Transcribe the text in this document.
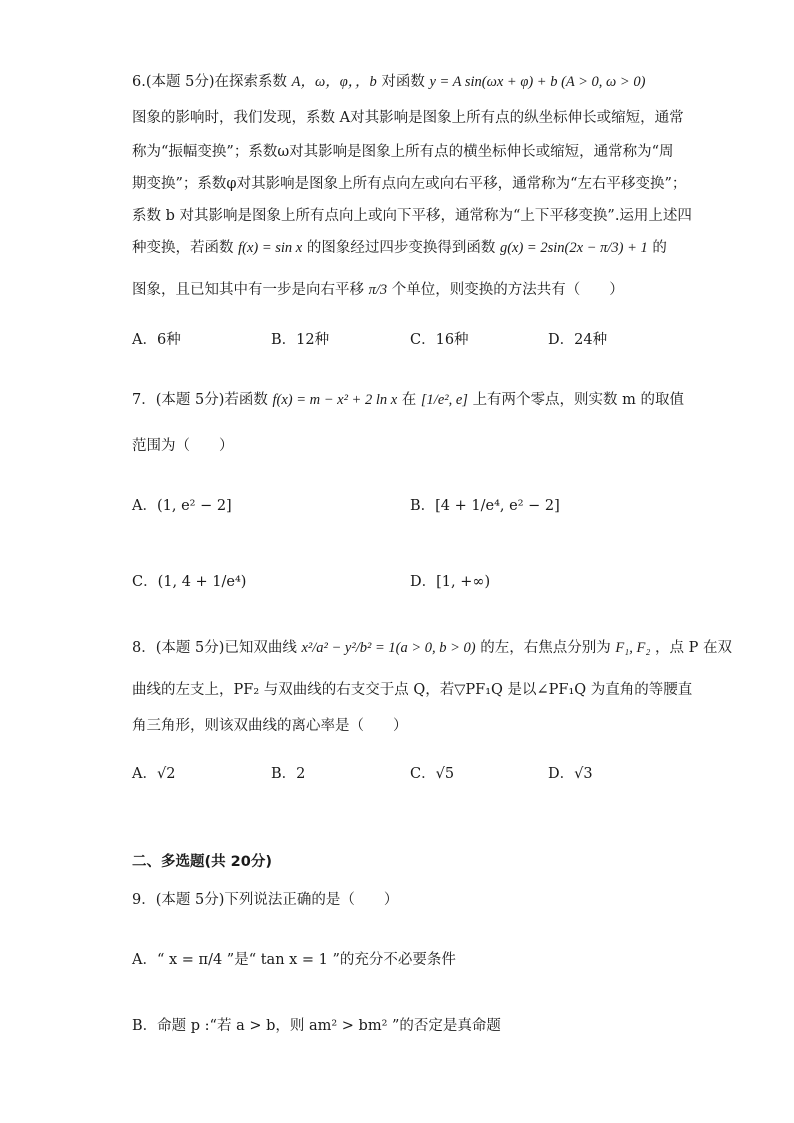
6.(本题 5分)在探索系数 A，ω，φ，，b 对函数 y = A sin(ωx + φ) + b (A > 0, ω > 0)
图象的影响时，我们发现，系数 A对其影响是图象上所有点的纵坐标伸长或缩短，通常
称为“振幅变换”；系数ω对其影响是图象上所有点的横坐标伸长或缩短，通常称为“周
期变换”；系数φ对其影响是图象上所有点向左或向右平移，通常称为“左右平移变换”；
系数 b 对其影响是图象上所有点向上或向下平移，通常称为“上下平移变换”.运用上述四
种变换，若函数 f(x) = sin x 的图象经过四步变换得到函数 g(x) = 2sin(2x − π/3) + 1 的
图象，且已知其中有一步是向右平移 π/3 个单位，则变换的方法共有（　　）
A．6种	B．12种	C．16种	D．24种
7．(本题 5分)若函数 f(x) = m − x² + 2 ln x 在 [1/e², e] 上有两个零点，则实数 m 的取值
范围为（　　）
A．(1, e² − 2]	B．[4 + 1/e⁴, e² − 2]
C．(1, 4 + 1/e⁴)	D．[1, +∞)
8．(本题 5分)已知双曲线 x²/a² − y²/b² = 1(a > 0, b > 0) 的左，右焦点分别为 F₁, F₂ ，点 P 在双
曲线的左支上，PF₂ 与双曲线的右支交于点 Q，若▽PF₁Q 是以∠PF₁Q 为直角的等腰直
角三角形，则该双曲线的离心率是（　　）
A．√2	B．2	C．√5	D．√3
二、多选题(共 20分)
9．(本题 5分)下列说法正确的是（　　）
A．“ x = π/4 ”是“ tan x = 1 ”的充分不必要条件
B．命题 p :“若 a > b，则 am² > bm² ”的否定是真命题
